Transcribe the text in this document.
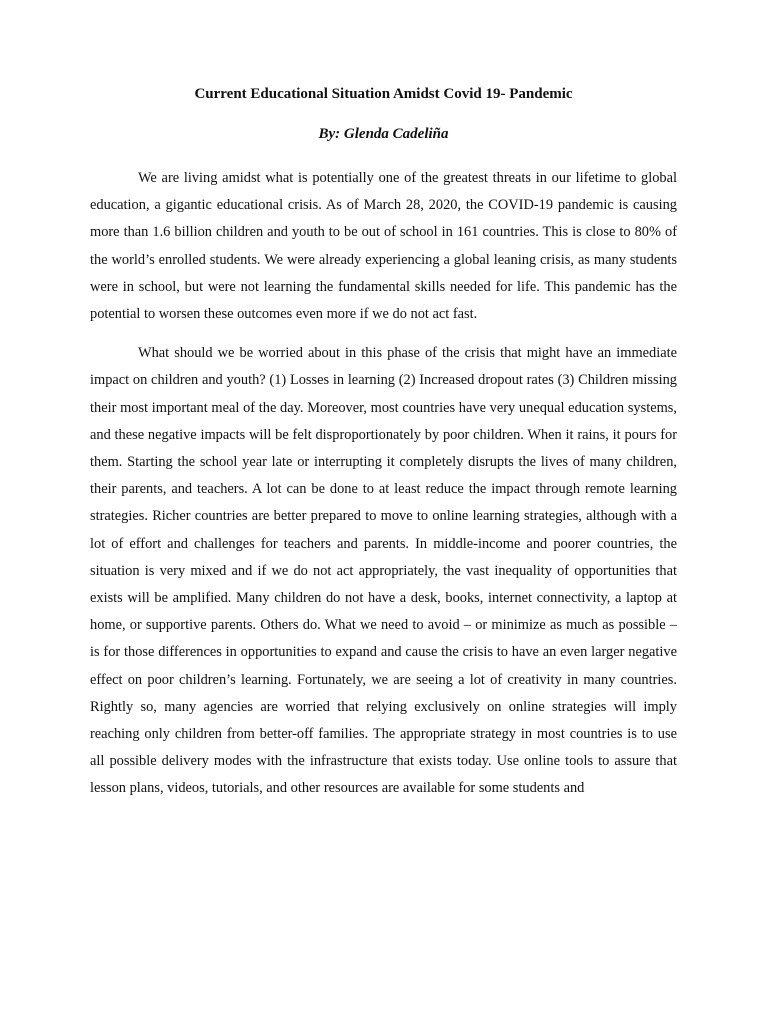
Current Educational Situation Amidst Covid 19- Pandemic

By: Glenda Cadeliña

We are living amidst what is potentially one of the greatest threats in our lifetime to global education, a gigantic educational crisis. As of March 28, 2020, the COVID-19 pandemic is causing more than 1.6 billion children and youth to be out of school in 161 countries. This is close to 80% of the world’s enrolled students. We were already experiencing a global leaning crisis, as many students were in school, but were not learning the fundamental skills needed for life. This pandemic has the potential to worsen these outcomes even more if we do not act fast.

What should we be worried about in this phase of the crisis that might have an immediate impact on children and youth? (1) Losses in learning (2) Increased dropout rates (3) Children missing their most important meal of the day. Moreover, most countries have very unequal education systems, and these negative impacts will be felt disproportionately by poor children. When it rains, it pours for them. Starting the school year late or interrupting it completely disrupts the lives of many children, their parents, and teachers. A lot can be done to at least reduce the impact through remote learning strategies. Richer countries are better prepared to move to online learning strategies, although with a lot of effort and challenges for teachers and parents. In middle-income and poorer countries, the situation is very mixed and if we do not act appropriately, the vast inequality of opportunities that exists will be amplified. Many children do not have a desk, books, internet connectivity, a laptop at home, or supportive parents. Others do. What we need to avoid – or minimize as much as possible – is for those differences in opportunities to expand and cause the crisis to have an even larger negative effect on poor children’s learning. Fortunately, we are seeing a lot of creativity in many countries. Rightly so, many agencies are worried that relying exclusively on online strategies will imply reaching only children from better-off families. The appropriate strategy in most countries is to use all possible delivery modes with the infrastructure that exists today. Use online tools to assure that lesson plans, videos, tutorials, and other resources are available for some students and
